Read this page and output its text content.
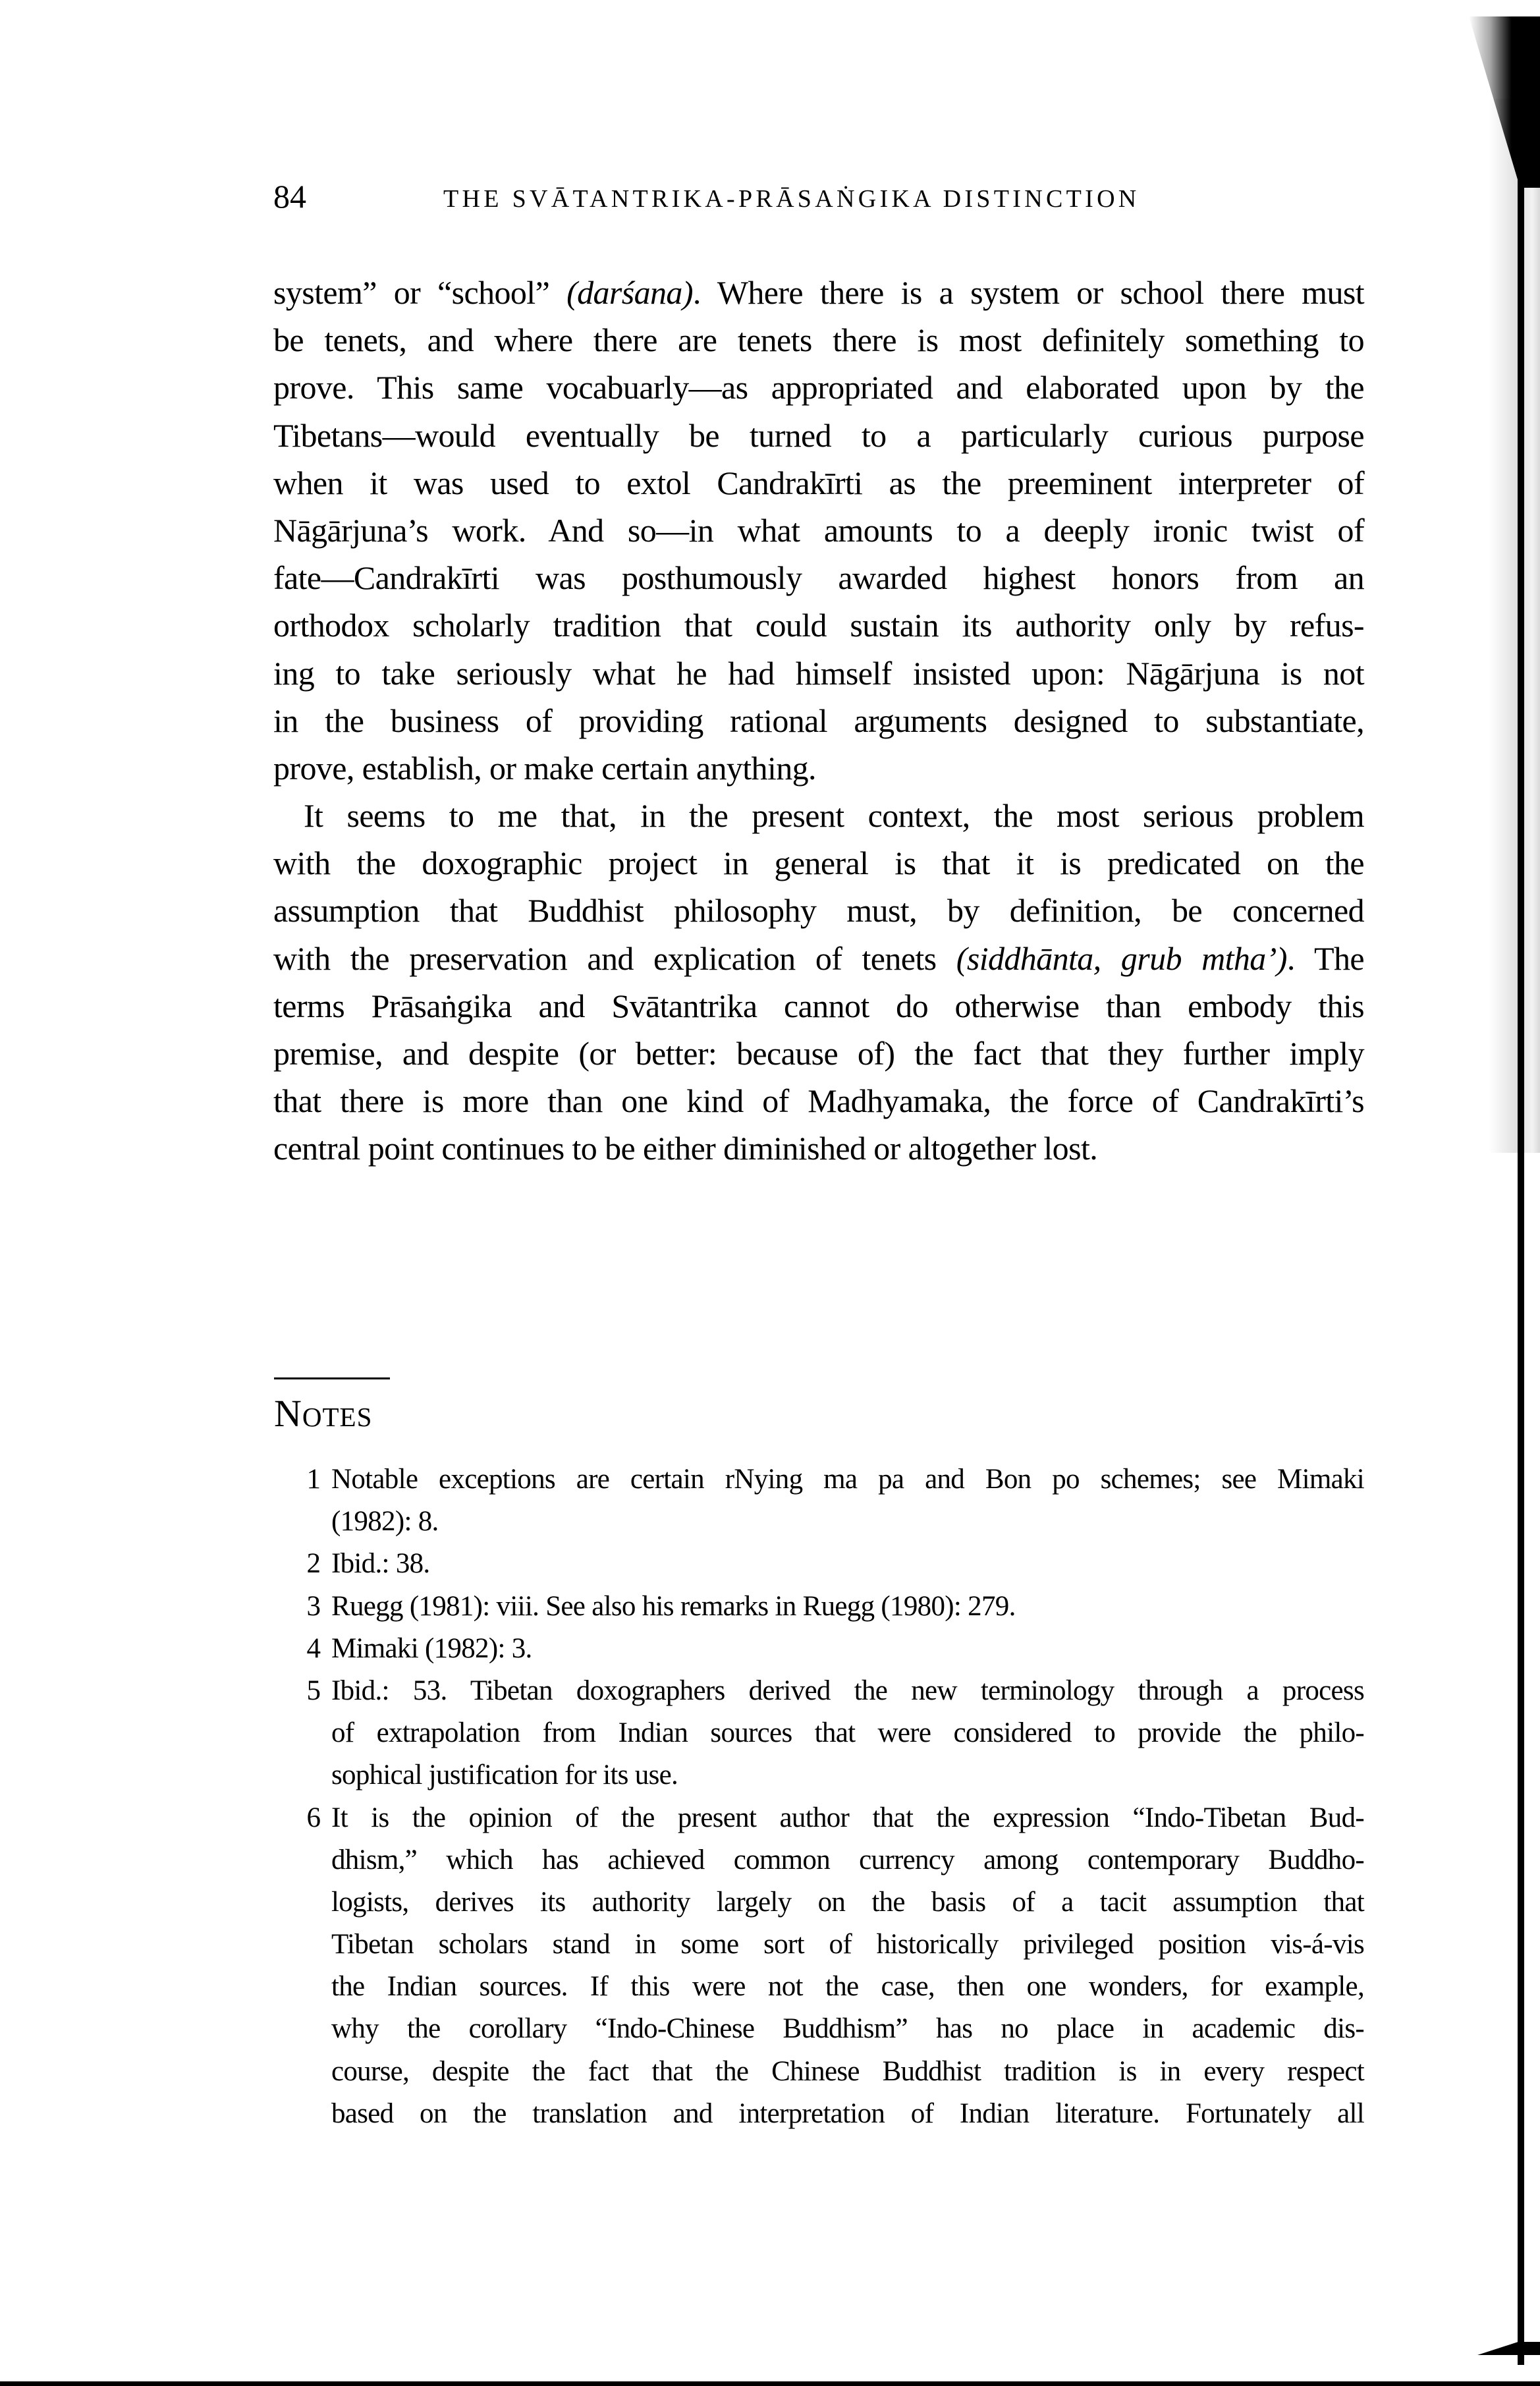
84	THE SVĀTANTRIKA-PRĀSAṄGIKA DISTINCTION
system” or “school” (darśana). Where there is a system or school there must
be tenets, and where there are tenets there is most definitely something to
prove. This same vocabuarly—as appropriated and elaborated upon by the
Tibetans—would eventually be turned to a particularly curious purpose
when it was used to extol Candrakīrti as the preeminent interpreter of
Nāgārjuna’s work. And so—in what amounts to a deeply ironic twist of
fate—Candrakīrti was posthumously awarded highest honors from an
orthodox scholarly tradition that could sustain its authority only by refus-
ing to take seriously what he had himself insisted upon: Nāgārjuna is not
in the business of providing rational arguments designed to substantiate,
prove, establish, or make certain anything.
It seems to me that, in the present context, the most serious problem
with the doxographic project in general is that it is predicated on the
assumption that Buddhist philosophy must, by definition, be concerned
with the preservation and explication of tenets (siddhānta, grub mtha’). The
terms Prāsaṅgika and Svātantrika cannot do otherwise than embody this
premise, and despite (or better: because of) the fact that they further imply
that there is more than one kind of Madhyamaka, the force of Candrakīrti’s
central point continues to be either diminished or altogether lost.
Notes
1 Notable exceptions are certain rNying ma pa and Bon po schemes; see Mimaki
(1982): 8.
2 Ibid.: 38.
3 Ruegg (1981): viii. See also his remarks in Ruegg (1980): 279.
4 Mimaki (1982): 3.
5 Ibid.: 53. Tibetan doxographers derived the new terminology through a process
of extrapolation from Indian sources that were considered to provide the philo-
sophical justification for its use.
6 It is the opinion of the present author that the expression “Indo-Tibetan Bud-
dhism,” which has achieved common currency among contemporary Buddho-
logists, derives its authority largely on the basis of a tacit assumption that
Tibetan scholars stand in some sort of historically privileged position vis-á-vis
the Indian sources. If this were not the case, then one wonders, for example,
why the corollary “Indo-Chinese Buddhism” has no place in academic dis-
course, despite the fact that the Chinese Buddhist tradition is in every respect
based on the translation and interpretation of Indian literature. Fortunately all
